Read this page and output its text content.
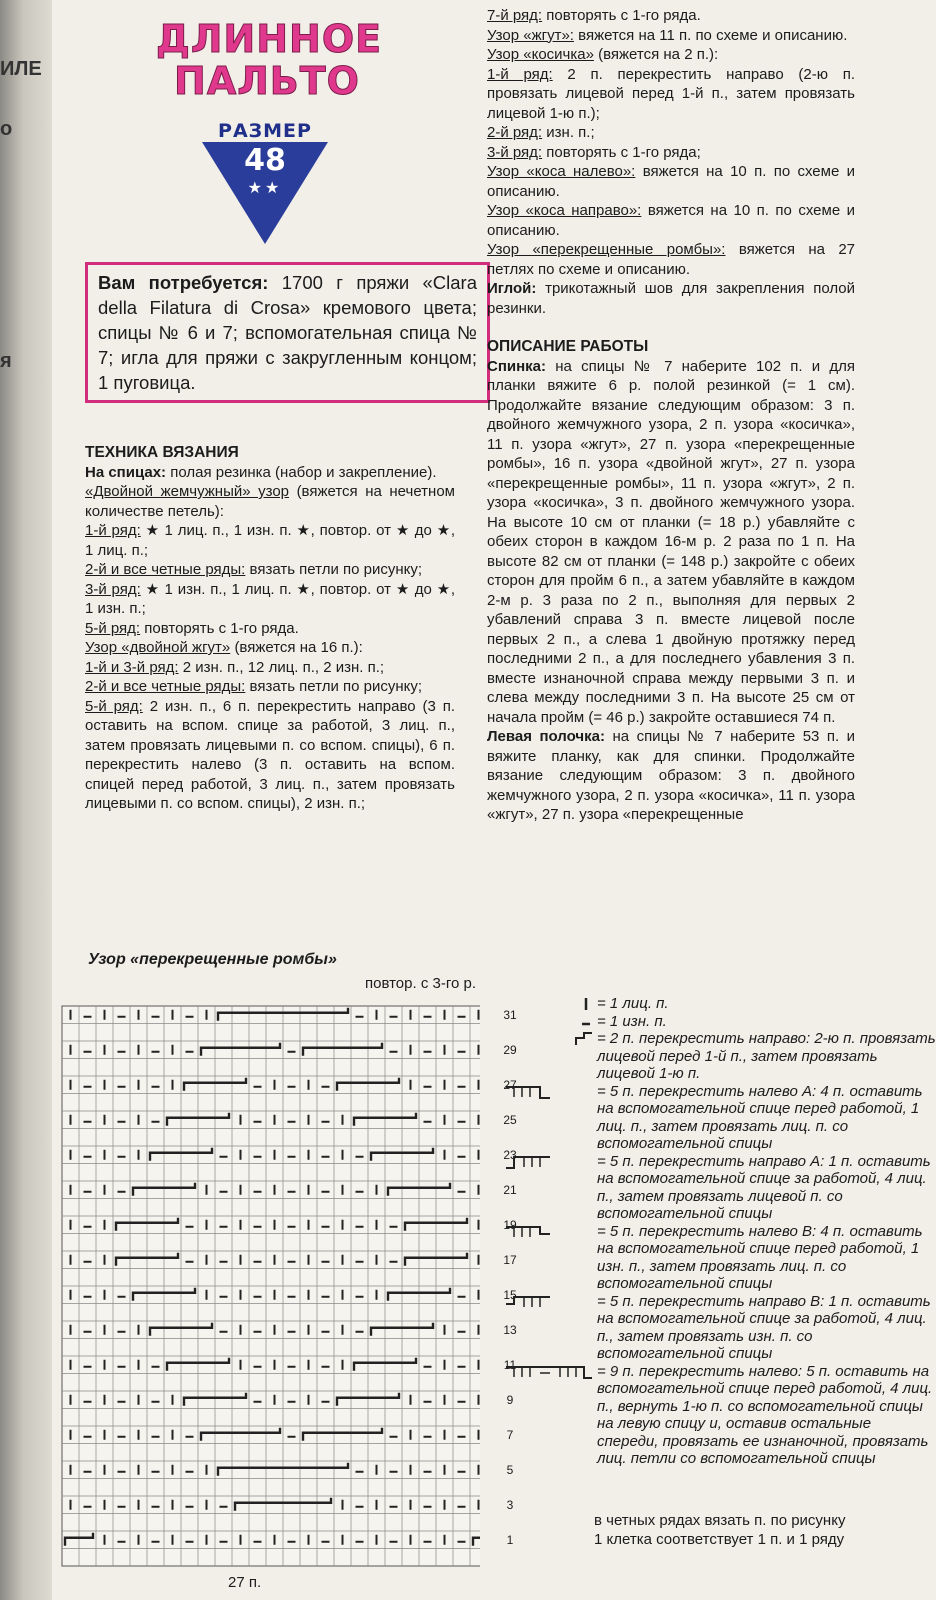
ИЛЕ
о
я
ДЛИННОЕ
ПАЛЬТО
РАЗМЕР
48
★★
Вам потребуется: 1700 г пряжи «Clara della Filatura di Crosa» кремового цвета; спицы № 6 и 7; вспомогательная спица № 7; игла для пряжи с закругленным концом; 1 пуговица.

ТЕХНИКА ВЯЗАНИЯ

На спицах: полая резинка (набор и закрепление).

«Двойной жемчужный» узор (вяжется на нечетном количестве петель):

1-й ряд: ★ 1 лиц. п., 1 изн. п. ★, повтор. от ★ до ★, 1 лиц. п.;

2-й и все четные ряды: вязать петли по рисунку;

3-й ряд: ★ 1 изн. п., 1 лиц. п. ★, повтор. от ★ до ★, 1 изн. п.;

5-й ряд: повторять с 1-го ряда.

Узор «двойной жгут» (вяжется на 16 п.):

1-й и 3-й ряд: 2 изн. п., 12 лиц. п., 2 изн. п.;

2-й и все четные ряды: вязать петли по рисунку;

5-й ряд: 2 изн. п., 6 п. перекрестить направо (3 п. оставить на вспом. спице за работой, 3 лиц. п., затем провязать лицевыми п. со вспом. спицы), 6 п. перекрестить налево (3 п. оставить на вспом. спицей перед работой, 3 лиц. п., затем провязать лицевыми п. со вспом. спицы), 2 изн. п.;

7-й ряд: повторять с 1-го ряда.

Узор «жгут»: вяжется на 11 п. по схеме и описанию.

Узор «косичка» (вяжется на 2 п.):

1-й ряд: 2 п. перекрестить направо (2-ю п. провязать лицевой перед 1-й п., затем провязать лицевой 1-ю п.);

2-й ряд: изн. п.;

3-й ряд: повторять с 1-го ряда;

Узор «коса налево»: вяжется на 10 п. по схеме и описанию.

Узор «коса направо»: вяжется на 10 п. по схеме и описанию.

Узор «перекрещенные ромбы»: вяжется на 27 петлях по схеме и описанию.

Иглой: трикотажный шов для закрепления полой резинки.

ОПИСАНИЕ РАБОТЫ

Спинка: на спицы № 7 наберите 102 п. и для планки вяжите 6 р. полой резинкой (= 1 см). Продолжайте вязание следующим образом: 3 п. двойного жемчужного узора, 2 п. узора «косичка», 11 п. узора «жгут», 27 п. узора «перекрещенные ромбы», 16 п. узора «двойной жгут», 27 п. узора «перекрещенные ромбы», 11 п. узора «жгут», 2 п. узора «косичка», 3 п. двойного жемчужного узора. На высоте 10 см от планки (= 18 р.) убавляйте с обеих сторон в каждом 16-м р. 2 раза по 1 п. На высоте 82 см от планки (= 148 р.) закройте с обеих сторон для пройм 6 п., а затем убавляйте в каждом 2-м р. 3 раза по 2 п., выполняя для первых 2 убавлений справа 3 п. вместе лицевой после первых 2 п., а слева 1 двойную протяжку перед последними 2 п., а для последнего убавления 3 п. вместе изнаночной справа между первыми 3 п. и слева между последними 3 п. На высоте 25 см от начала пройм (= 46 р.) закройте оставшиеся 74 п.

Левая полочка: на спицы № 7 наберите 53 п. и вяжите планку, как для спинки. Продолжайте вязание следующим образом: 3 п. двойного жемчужного узора, 2 п. узора «косичка», 11 п. узора «жгут», 27 п. узора «перекрещенные

Узор «перекрещенные ромбы»
повтор. с 3-го р.
31
29
27
25
23
21
19
17
15
13
11
9
7
5
3
1
27 п.
= 1 лиц. п.
= 1 изн. п.
= 2 п. перекрестить направо: 2-ю п. провязать лицевой перед 1-й п., затем провязать лицевой 1-ю п.
= 5 п. перекрестить налево А: 4 п. оставить на вспомогательной спице перед работой, 1 лиц. п., затем провязать лиц. п. со вспомогательной спицы
= 5 п. перекрестить направо А: 1 п. оставить на вспомогательной спице за работой, 4 лиц. п., затем провязать лицевой п. со вспомогательной спицы
= 5 п. перекрестить налево В: 4 п. оставить на вспомогательной спице перед работой, 1 изн. п., затем провязать лиц. п. со вспомогательной спицы
= 5 п. перекрестить направо В: 1 п. оставить на вспомогательной спице за работой, 4 лиц. п., затем провязать изн. п. со вспомогательной спицы
= 9 п. перекрестить налево: 5 п. оставить на вспомогательной спице перед работой, 4 лиц. п., вернуть 1-ю п. со вспомогательной спицы на левую спицу и, оставив остальные спереди, провязать ее изнаночной, провязать лиц. петли со вспомогательной спицы
в четных рядах вязать п. по рисунку
1 клетка соответствует 1 п. и 1 ряду
